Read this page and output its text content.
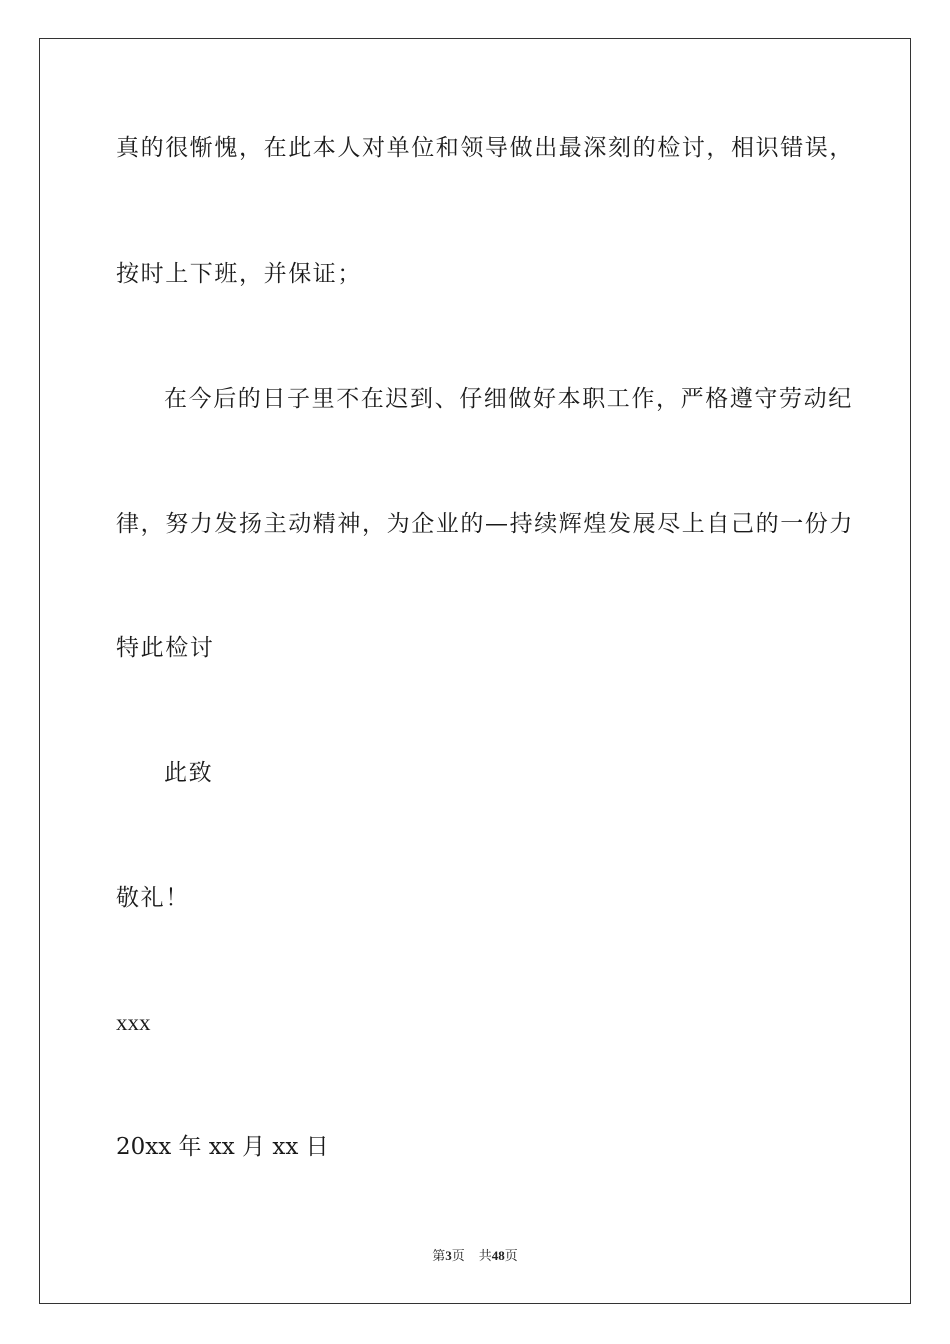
真的很惭愧，在此本人对单位和领导做出最深刻的检讨，相识错误，
按时上下班，并保证；
在今后的日子里不在迟到、仔细做好本职工作，严格遵守劳动纪
律，努力发扬主动精神，为企业的—持续辉煌发展尽上自己的一份力
特此检讨
此致
敬礼！
xxx
20xx 年 xx 月 xx 日
第3页 共48页
